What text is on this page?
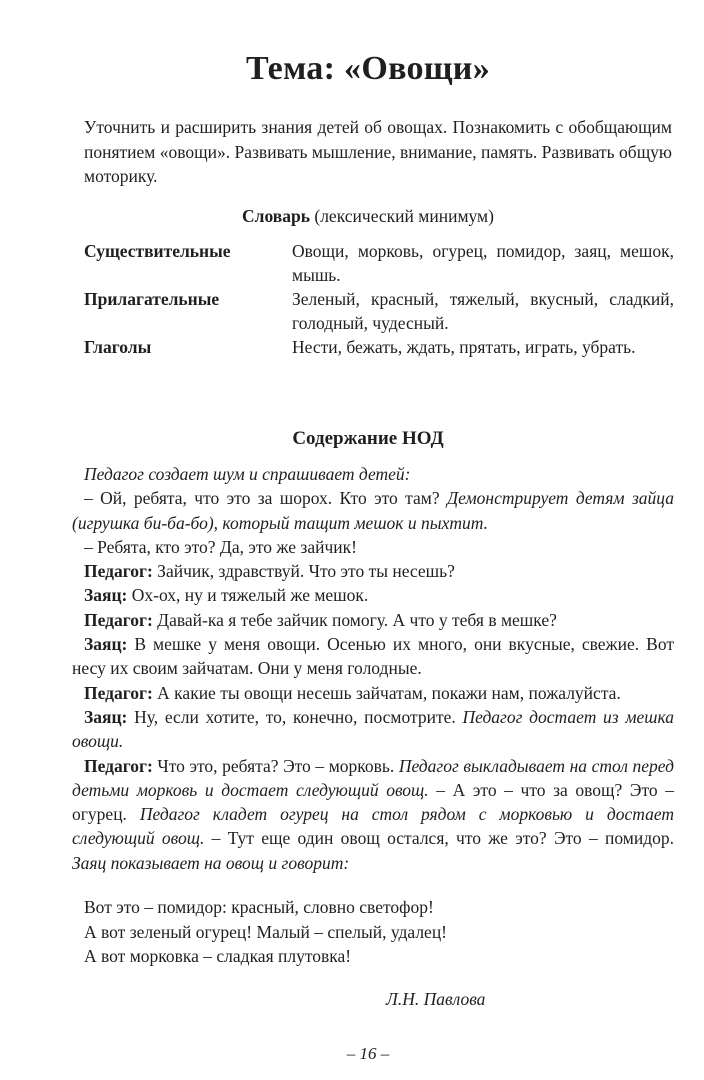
Тема: «Овощи»
Уточнить и расширить знания детей об овощах. Познакомить с обобщающим понятием «овощи». Развивать мышление, внимание, память. Развивать общую моторику.
Словарь (лексический минимум)
Существительные	Овощи, морковь, огурец, помидор, заяц, мешок, мышь.
Прилагательные	Зеленый, красный, тяжелый, вкусный, сладкий, голодный, чудесный.
Глаголы	Нести, бежать, ждать, прятать, играть, убрать.
Содержание НОД

Педагог создает шум и спрашивает детей:

– Ой, ребята, что это за шорох. Кто это там? Демонстрирует детям зайца (игрушка би-ба-бо), который тащит мешок и пыхтит.

– Ребята, кто это? Да, это же зайчик!

Педагог: Зайчик, здравствуй. Что это ты несешь?

Заяц: Ох-ох, ну и тяжелый же мешок.

Педагог: Давай-ка я тебе зайчик помогу. А что у тебя в мешке?

Заяц: В мешке у меня овощи. Осенью их много, они вкусные, свежие. Вот несу их своим зайчатам. Они у меня голодные.

Педагог: А какие ты овощи несешь зайчатам, покажи нам, пожалуйста.

Заяц: Ну, если хотите, то, конечно, посмотрите. Педагог достает из мешка овощи.

Педагог: Что это, ребята? Это – морковь. Педагог выкладывает на стол перед детьми морковь и достает следующий овощ. – А это – что за овощ? Это – огурец. Педагог кладет огурец на стол рядом с морковью и достает следующий овощ. – Тут еще один овощ остался, что же это? Это – помидор. Заяц показывает на овощ и говорит:

Вот это – помидор: красный, словно светофор!
А вот зеленый огурец! Малый – спелый, удалец!
А вот морковка – сладкая плутовка!
Л.Н. Павлова
– 16 –
